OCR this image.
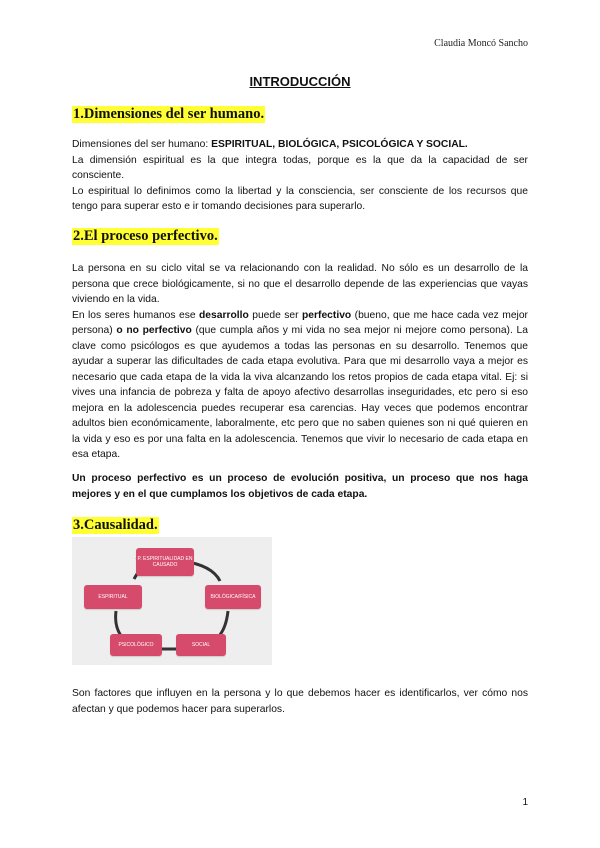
Claudia Moncó Sancho
INTRODUCCIÓN
1.Dimensiones del ser humano.
Dimensiones del ser humano: ESPIRITUAL, BIOLÓGICA, PSICOLÓGICA Y SOCIAL.
La dimensión espiritual es la que integra todas, porque es la que da la capacidad de ser consciente.
Lo espiritual lo definimos como la libertad y la consciencia, ser consciente de los recursos que tengo para superar esto e ir tomando decisiones para superarlo.
2.El proceso perfectivo.
La persona en su ciclo vital se va relacionando con la realidad. No sólo es un desarrollo de la persona que crece biológicamente, si no que el desarrollo depende de las experiencias que vayas viviendo en la vida.
En los seres humanos ese desarrollo puede ser perfectivo (bueno, que me hace cada vez mejor persona) o no perfectivo (que cumpla años y mi vida no sea mejor ni mejore como persona). La clave como psicólogos es que ayudemos a todas las personas en su desarrollo. Tenemos que ayudar a superar las dificultades de cada etapa evolutiva. Para que mi desarrollo vaya a mejor es necesario que cada etapa de la vida la viva alcanzando los retos propios de cada etapa vital. Ej: si vives una infancia de pobreza y falta de apoyo afectivo desarrollas inseguridades, etc pero si eso mejora en la adolescencia puedes recuperar esa carencias. Hay veces que podemos encontrar adultos bien económicamente, laboralmente, etc pero que no saben quienes son ni qué quieren en la vida y eso es por una falta en la adolescencia. Tenemos que vivir lo necesario de cada etapa en esa etapa.
Un proceso perfectivo es un proceso de evolución positiva, un proceso que nos haga mejores y en el que cumplamos los objetivos de cada etapa.
3.Causalidad.
P. ESPIRITUALIDAD EN CAUSADO
BIOLÓGICA/FÍSICA
SOCIAL
PSICOLÓGICO
ESPIRITUAL
Son factores que influyen en la persona y lo que debemos hacer es identificarlos, ver cómo nos afectan y que podemos hacer para superarlos.
1
